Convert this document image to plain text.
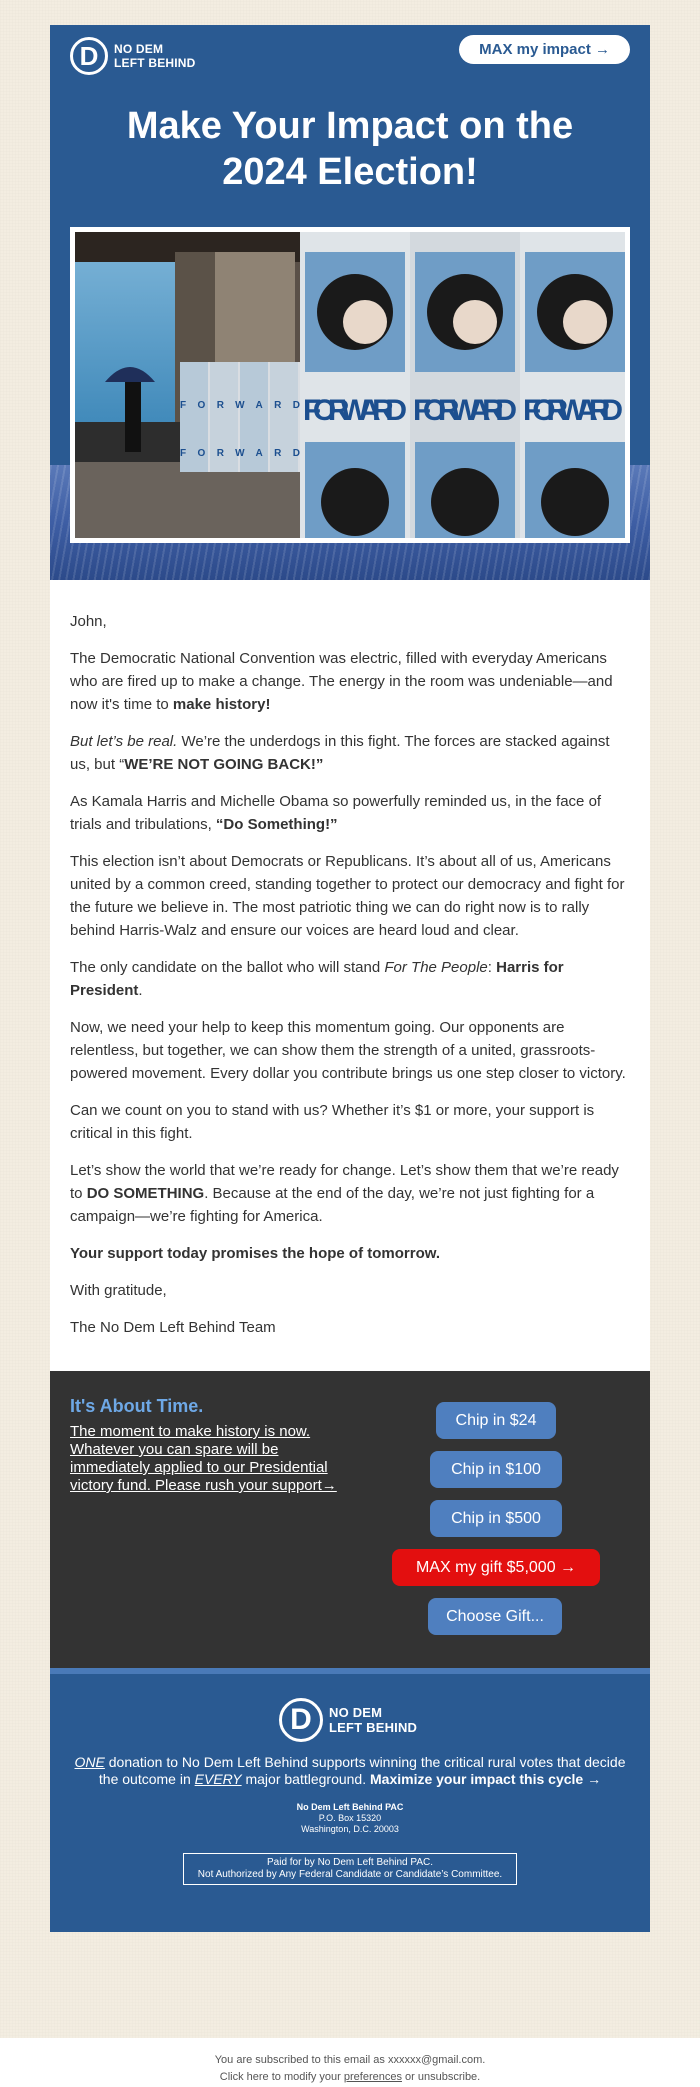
D NO DEM
LEFT BEHIND
MAX my impact →
Make Your Impact on the
2024 Election!
FORWARD
FORWARD
FORWARD FORWARD FORWARD

John,

The Democratic National Convention was electric, filled with everyday Americans who are fired up to make a change. The energy in the room was undeniable—and now it's time to make history!

But let’s be real. We’re the underdogs in this fight. The forces are stacked against us, but “WE’RE NOT GOING BACK!”

As Kamala Harris and Michelle Obama so powerfully reminded us, in the face of trials and tribulations, “Do Something!”

This election isn’t about Democrats or Republicans. It’s about all of us, Americans united by a common creed, standing together to protect our democracy and fight for the future we believe in. The most patriotic thing we can do right now is to rally behind Harris-Walz and ensure our voices are heard loud and clear.

The only candidate on the ballot who will stand For The People: Harris for President.

Now, we need your help to keep this momentum going. Our opponents are relentless, but together, we can show them the strength of a united, grassroots-powered movement. Every dollar you contribute brings us one step closer to victory.

Can we count on you to stand with us? Whether it’s $1 or more, your support is critical in this fight.

Let’s show the world that we’re ready for change. Let’s show them that we’re ready to DO SOMETHING. Because at the end of the day, we’re not just fighting for a campaign—we’re fighting for America.

Your support today promises the hope of tomorrow.

With gratitude,

The No Dem Left Behind Team

It's About Time.
The moment to make history is now. Whatever you can spare will be immediately applied to our Presidential victory fund. Please rush your support→
Chip in $24
Chip in $100
Chip in $500
MAX my gift $5,000 →
Choose Gift...
D NO DEM
LEFT BEHIND
ONE donation to No Dem Left Behind supports winning the critical rural votes that decide the outcome in EVERY major battleground. Maximize your impact this cycle →
No Dem Left Behind PAC
P.O. Box 15320
Washington, D.C. 20003
Paid for by No Dem Left Behind PAC.
Not Authorized by Any Federal Candidate or Candidate’s Committee.
You are subscribed to this email as xxxxxx@gmail.com.
Click here to modify your preferences or unsubscribe.
